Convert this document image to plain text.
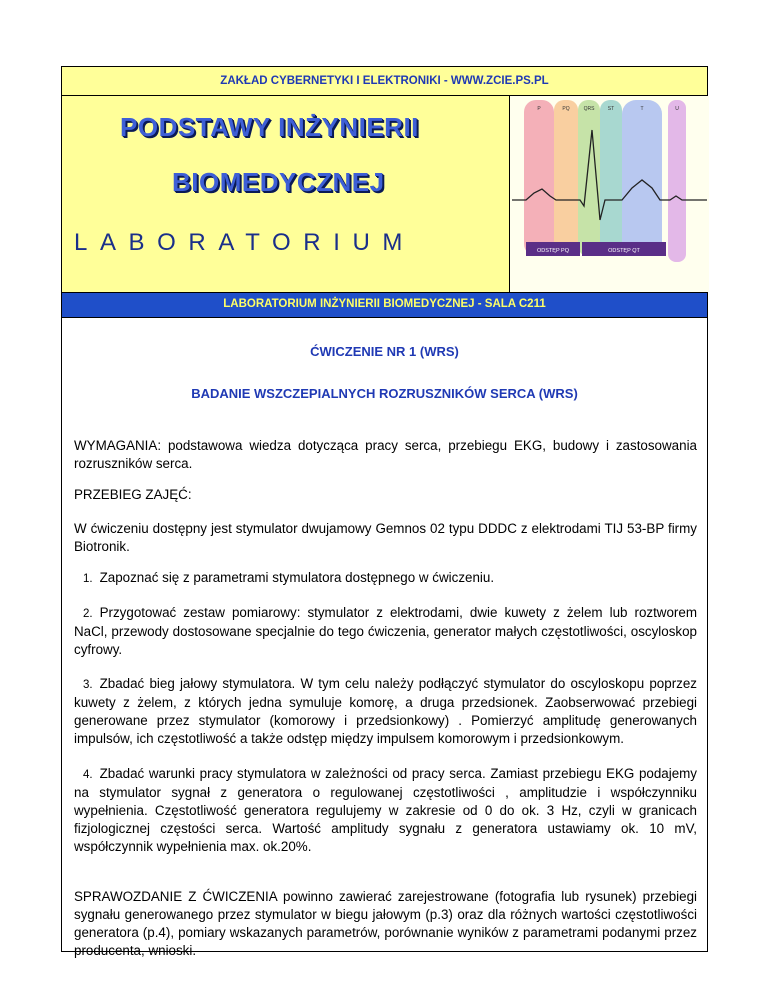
ZAKŁAD CYBERNETYKI I ELEKTRONIKI - WWW.ZCIE.PS.PL
PODSTAWY INŻYNIERII
BIOMEDYCZNEJ
LABORATORIUM
P	PQ	QRS	ST	T	U
ODSTĘP PQ	ODSTĘP QT
LABORATORIUM INŻYNIERII BIOMEDYCZNEJ - SALA C211
ĆWICZENIE NR 1 (WRS)
BADANIE WSZCZEPIALNYCH ROZRUSZNIKÓW SERCA (WRS)
WYMAGANIA: podstawowa wiedza dotycząca pracy serca, przebiegu EKG, budowy i zastosowania rozruszników serca.
PRZEBIEG ZAJĘĆ:
W ćwiczeniu dostępny jest stymulator dwujamowy Gemnos 02 typu DDDC z elektrodami TIJ 53-BP firmy Biotronik.
1. Zapoznać się z parametrami stymulatora dostępnego w ćwiczeniu.
2. Przygotować zestaw pomiarowy: stymulator z elektrodami, dwie kuwety z żelem lub roztworem NaCl, przewody dostosowane specjalnie do tego ćwiczenia, generator małych częstotliwości, oscyloskop cyfrowy.
3. Zbadać bieg jałowy stymulatora. W tym celu należy podłączyć stymulator do oscyloskopu poprzez kuwety z żelem, z których jedna symuluje komorę, a druga przedsionek. Zaobserwować przebiegi generowane przez stymulator (komorowy i przedsionkowy) . Pomierzyć amplitudę generowanych impulsów, ich częstotliwość a także odstęp między impulsem komorowym i przedsionkowym.
4. Zbadać warunki pracy stymulatora w zależności od pracy serca. Zamiast przebiegu EKG podajemy na stymulator sygnał z generatora o regulowanej częstotliwości , amplitudzie i współczynniku wypełnienia. Częstotliwość generatora regulujemy w zakresie od 0 do ok. 3 Hz, czyli w granicach fizjologicznej częstości serca. Wartość amplitudy sygnału z generatora ustawiamy ok. 10 mV, współczynnik wypełnienia max. ok.20%.
SPRAWOZDANIE Z ĆWICZENIA powinno zawierać zarejestrowane (fotografia lub rysunek) przebiegi sygnału generowanego przez stymulator w biegu jałowym (p.3) oraz dla różnych wartości częstotliwości generatora (p.4), pomiary wskazanych parametrów, porównanie wyników z parametrami podanymi przez producenta, wnioski.
